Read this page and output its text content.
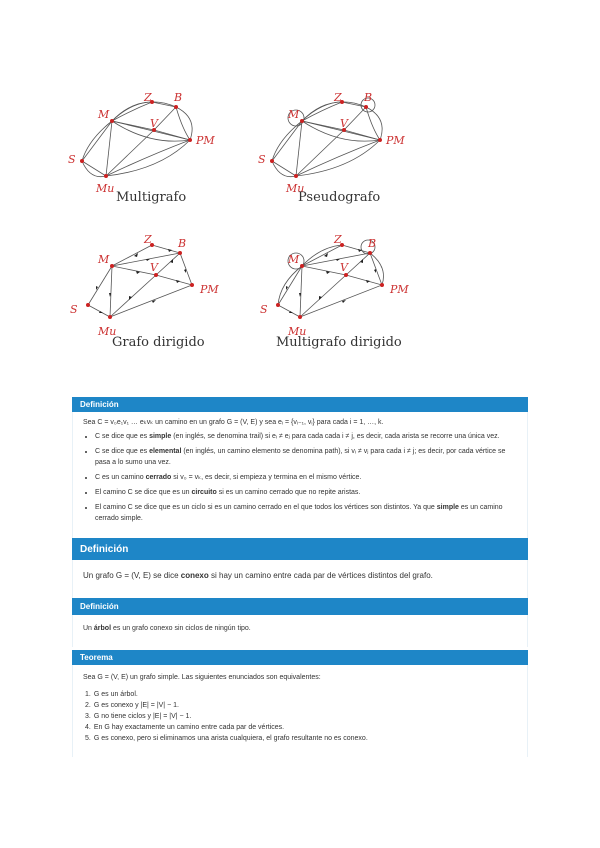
Z B
M
V
PM
S
Mu
Multigrafo
Z B
M
V
PM
S
Mu
Pseudografo
Z B
M
V
PM
S
Mu
Grafo dirigido
Z B
M
V
PM
S
Mu
Multigrafo dirigido
Definición
Sea C = v₀e₁v₁ … eₖvₖ un camino en un grafo G = (V, E) y sea eᵢ = {vᵢ₋₁, vᵢ} para cada i = 1, …, k.
• C se dice que es simple (en inglés, se denomina trail) si eᵢ ≠ eⱼ para cada cada i ≠ j, es decir, cada arista se recorre una única vez.
• C se dice que es elemental (en inglés, un camino elemento se denomina path), si vᵢ ≠ vⱼ para cada i ≠ j; es decir, por cada vértice se pasa a lo sumo una vez.
• C es un camino cerrado si v₀ = vₖ, es decir, si empieza y termina en el mismo vértice.
• El camino C se dice que es un circuito si es un camino cerrado que no repite aristas.
• El camino C se dice que es un ciclo si es un camino cerrado en el que todos los vértices son distintos. Ya que simple es un camino cerrado simple.
Definición
Un grafo G = (V, E) se dice conexo si hay un camino entre cada par de vértices distintos del grafo.
Definición
Un árbol es un grafo conexo sin ciclos de ningún tipo.
Teorema
Sea G = (V, E) un grafo simple. Las siguientes enunciados son equivalentes:
1. G es un árbol.
2. G es conexo y |E| = |V| − 1.
3. G no tiene ciclos y |E| = |V| − 1.
4. En G hay exactamente un camino entre cada par de vértices.
5. G es conexo, pero si eliminamos una arista cualquiera, el grafo resultante no es conexo.
